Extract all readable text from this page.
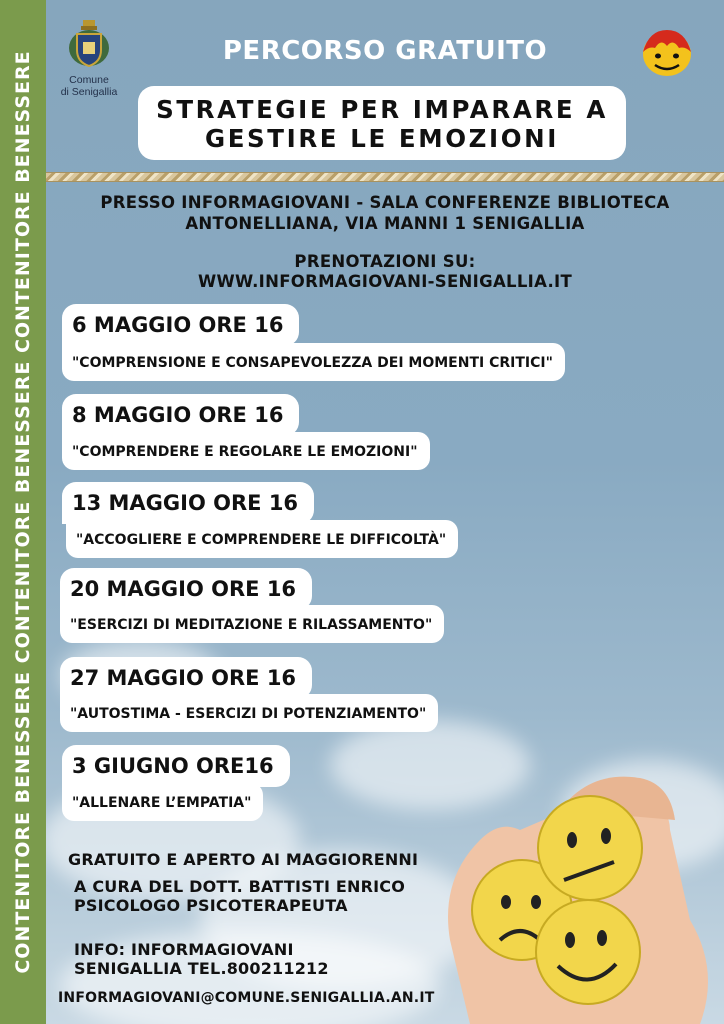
CONTENITORE BENESSERE CONTENITORE BENESSERE CONTENITORE BENESSERE	Comune
di Senigallia
PERCORSO GRATUITO
STRATEGIE PER IMPARARE A
GESTIRE LE EMOZIONI
PRESSO INFORMAGIOVANI - SALA CONFERENZE BIBLIOTECA
ANTONELLIANA, VIA MANNI 1 SENIGALLIA
PRENOTAZIONI SU:
WWW.INFORMAGIOVANI-SENIGALLIA.IT
6 MAGGIO ORE 16
"COMPRENSIONE E CONSAPEVOLEZZA DEI MOMENTI CRITICI"
8 MAGGIO ORE 16
"COMPRENDERE E REGOLARE LE EMOZIONI"
13 MAGGIO ORE 16
"ACCOGLIERE E COMPRENDERE LE DIFFICOLTÀ"
20 MAGGIO ORE 16
"ESERCIZI DI MEDITAZIONE E RILASSAMENTO"
27 MAGGIO ORE 16
"AUTOSTIMA - ESERCIZI DI POTENZIAMENTO"
3 GIUGNO ORE16
"ALLENARE L’EMPATIA"
GRATUITO E APERTO AI MAGGIORENNI
A CURA DEL DOTT. BATTISTI ENRICO
PSICOLOGO PSICOTERAPEUTA
INFO: INFORMAGIOVANI
SENIGALLIA TEL.800211212
INFORMAGIOVANI@COMUNE.SENIGALLIA.AN.IT
